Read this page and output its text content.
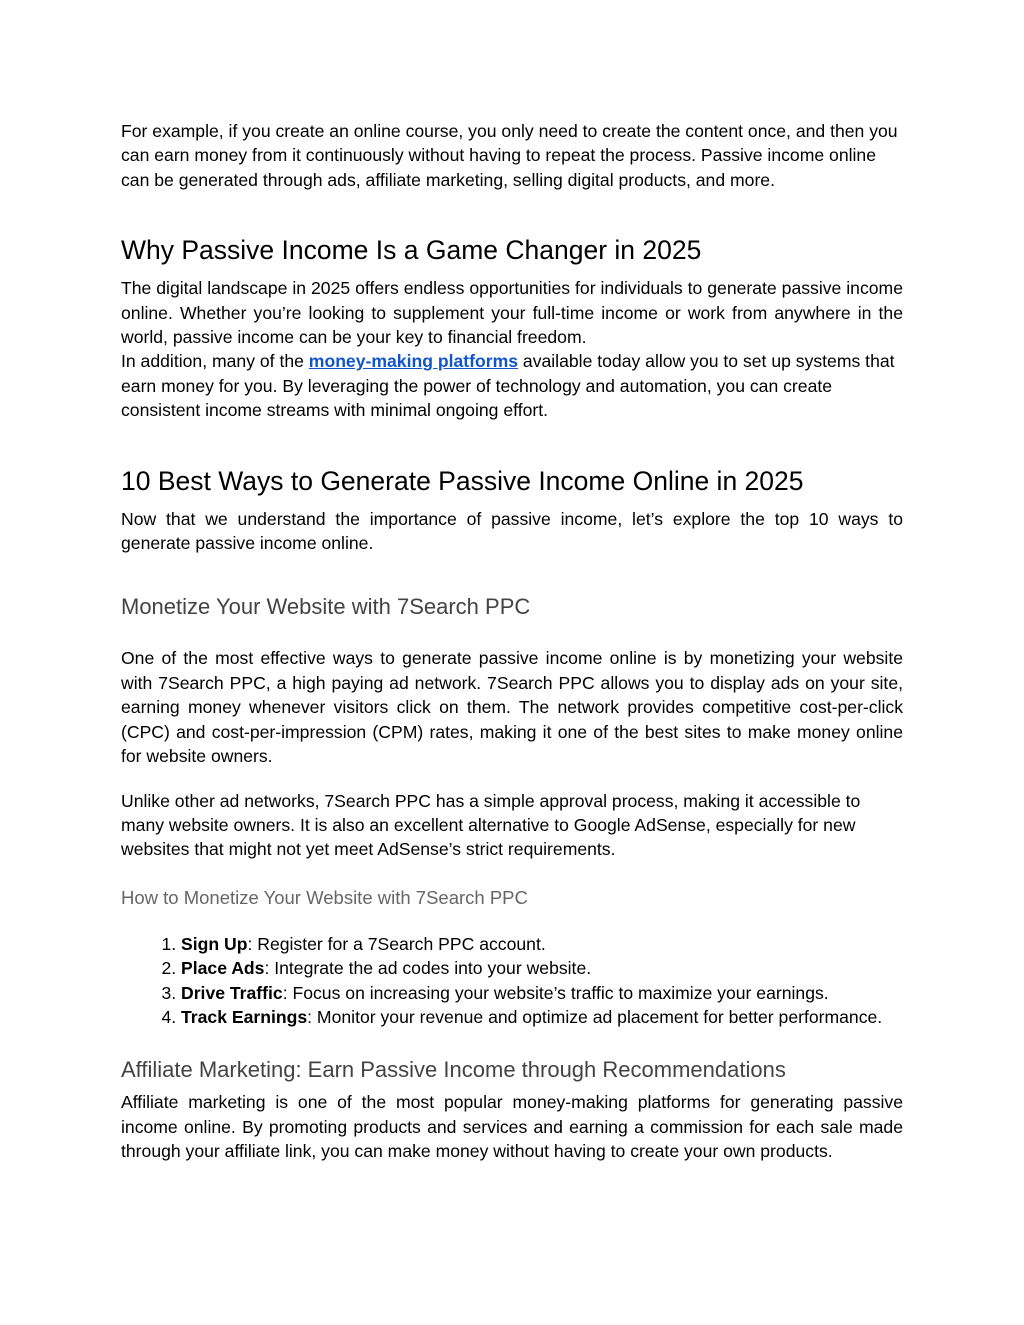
For example, if you create an online course, you only need to create the content once, and then you can earn money from it continuously without having to repeat the process. Passive income online can be generated through ads, affiliate marketing, selling digital products, and more.

Why Passive Income Is a Game Changer in 2025

The digital landscape in 2025 offers endless opportunities for individuals to generate passive income online. Whether you’re looking to supplement your full-time income or work from anywhere in the world, passive income can be your key to financial freedom.

In addition, many of the money-making platforms available today allow you to set up systems that earn money for you. By leveraging the power of technology and automation, you can create consistent income streams with minimal ongoing effort.

10 Best Ways to Generate Passive Income Online in 2025

Now that we understand the importance of passive income, let’s explore the top 10 ways to generate passive income online.

Monetize Your Website with 7Search PPC

One of the most effective ways to generate passive income online is by monetizing your website with 7Search PPC, a high paying ad network. 7Search PPC allows you to display ads on your site, earning money whenever visitors click on them. The network provides competitive cost-per-click (CPC) and cost-per-impression (CPM) rates, making it one of the best sites to make money online for website owners.

Unlike other ad networks, 7Search PPC has a simple approval process, making it accessible to many website owners. It is also an excellent alternative to Google AdSense, especially for new websites that might not yet meet AdSense’s strict requirements.

How to Monetize Your Website with 7Search PPC
1. Sign Up: Register for a 7Search PPC account.
2. Place Ads: Integrate the ad codes into your website.
3. Drive Traffic: Focus on increasing your website’s traffic to maximize your earnings.
4. Track Earnings: Monitor your revenue and optimize ad placement for better performance.
Affiliate Marketing: Earn Passive Income through Recommendations

Affiliate marketing is one of the most popular money-making platforms for generating passive income online. By promoting products and services and earning a commission for each sale made through your affiliate link, you can make money without having to create your own products.
